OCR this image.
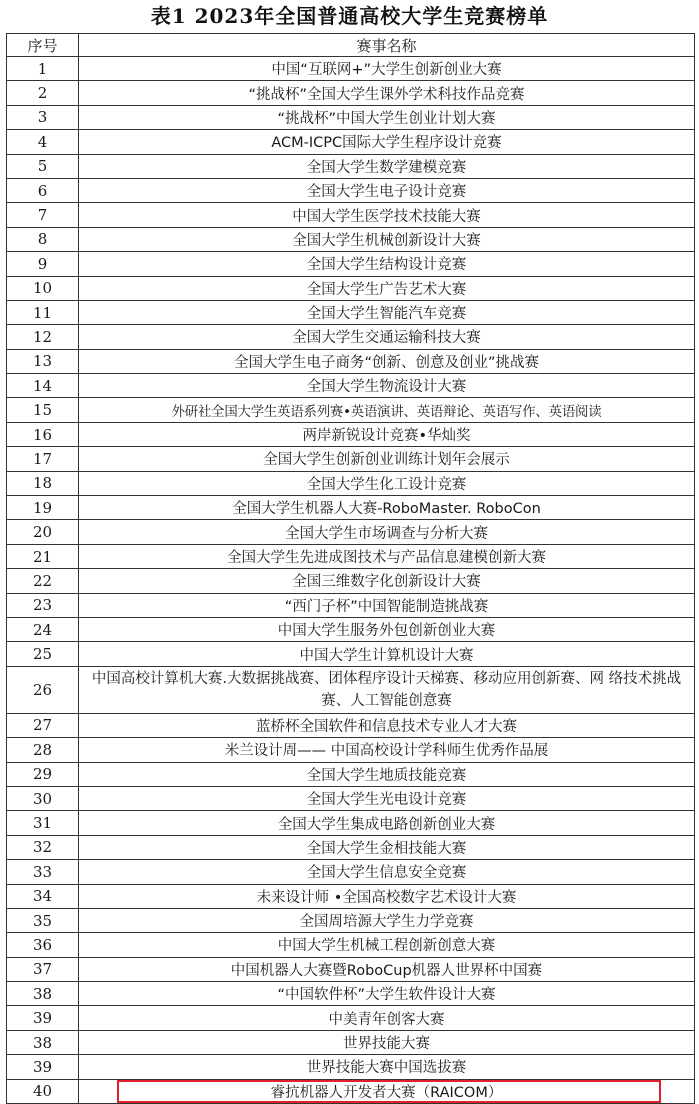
表1 2023年全国普通高校大学生竞赛榜单
序号	赛事名称
1	中国“互联网+”大学生创新创业大赛
2	“挑战杯”全国大学生课外学术科技作品竞赛
3	“挑战杯”中国大学生创业计划大赛
4	ACM-ICPC国际大学生程序设计竞赛
5	全国大学生数学建模竞赛
6	全国大学生电子设计竞赛
7	中国大学生医学技术技能大赛
8	全国大学生机械创新设计大赛
9	全国大学生结构设计竞赛
10	全国大学生广告艺术大赛
11	全国大学生智能汽车竞赛
12	全国大学生交通运输科技大赛
13	全国大学生电子商务“创新、创意及创业”挑战赛
14	全国大学生物流设计大赛
15	外研社全国大学生英语系列赛•英语演讲、英语辩论、英语写作、英语阅读
16	两岸新锐设计竞赛•华灿奖
17	全国大学生创新创业训练计划年会展示
18	全国大学生化工设计竞赛
19	全国大学生机器人大赛-RoboMaster. RoboCon
20	全国大学生市场调查与分析大赛
21	全国大学生先进成图技术与产品信息建模创新大赛
22	全国三维数字化创新设计大赛
23	“西门子杯”中国智能制造挑战赛
24	中国大学生服务外包创新创业大赛
25	中国大学生计算机设计大赛
26	中国高校计算机大赛.大数据挑战赛、团体程序设计天梯赛、移动应用创新赛、网 络技术挑战赛、人工智能创意赛
27	蓝桥杯全国软件和信息技术专业人才大赛
28	米兰设计周—— 中国高校设计学科师生优秀作品展
29	全国大学生地质技能竞赛
30	全国大学生光电设计竞赛
31	全国大学生集成电路创新创业大赛
32	全国大学生金相技能大赛
33	全国大学生信息安全竞赛
34	未来设计师 •全国高校数字艺术设计大赛
35	全国周培源大学生力学竞赛
36	中国大学生机械工程创新创意大赛
37	中国机器人大赛暨RoboCup机器人世界杯中国赛
38	“中国软件杯”大学生软件设计大赛
39	中美青年创客大赛
38	世界技能大赛
39	世界技能大赛中国选拔赛
40	睿抗机器人开发者大赛（RAICOM）
